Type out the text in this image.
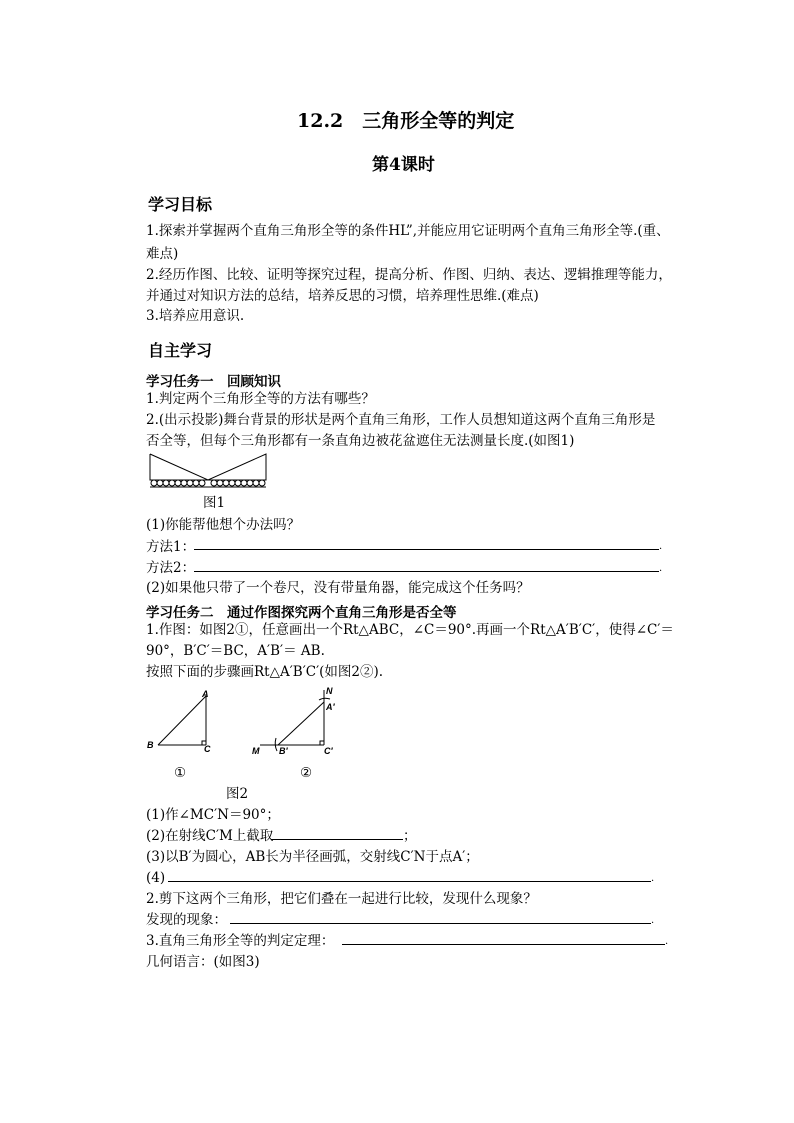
12.2　三角形全等的判定
第4课时
学习目标
1.探索并掌握两个直角三角形全等的条件HL”,并能应用它证明两个直角三角形全等.(重、
难点)
2.经历作图、比较、证明等探究过程，提高分析、作图、归纳、表达、逻辑推理等能力，
并通过对知识方法的总结，培养反思的习惯，培养理性思维.(难点)
3.培养应用意识.
自主学习
学习任务一　回顾知识
1.判定两个三角形全等的方法有哪些？
2.(出示投影)舞台背景的形状是两个直角三角形，工作人员想知道这两个直角三角形是
否全等，但每个三角形都有一条直角边被花盆遮住无法测量长度.(如图1)
图1
(1)你能帮他想个办法吗？
方法1：	.
方法2：	.
(2)如果他只带了一个卷尺，没有带量角器，能完成这个任务吗？
学习任务二　通过作图探究两个直角三角形是否全等
1.作图：如图2①，任意画出一个Rt△ABC，∠C＝90°.再画一个Rt△A′B′C′，使得∠C′＝
90°，B′C′＝BC，A′B′＝ AB.
按照下面的步骤画Rt△A′B′C′(如图2②).
A
B	C
N
A′
M B′	C′
①	②
图2
(1)作∠MC′N＝90°；
(2)在射线C′M上截取	；
(3)以B′为圆心，AB长为半径画弧，交射线C′N于点A′；
(4)	.
2.剪下这两个三角形，把它们叠在一起进行比较，发现什么现象？
发现的现象：	.
3.直角三角形全等的判定定理：	.
几何语言：(如图3)
